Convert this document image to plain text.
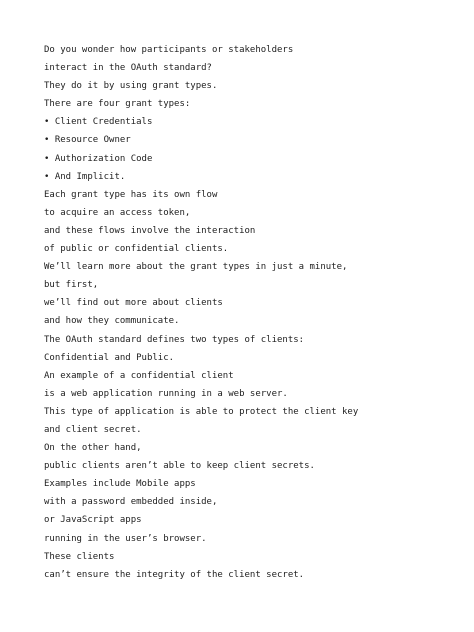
Do you wonder how participants or stakeholders
interact in the OAuth standard?
They do it by using grant types.
There are four grant types:
• Client Credentials
• Resource Owner
• Authorization Code
• And Implicit.
Each grant type has its own flow
to acquire an access token,
and these flows involve the interaction
of public or confidential clients.
We’ll learn more about the grant types in just a minute,
but first,
we’ll find out more about clients
and how they communicate.
The OAuth standard defines two types of clients:
Confidential and Public.
An example of a confidential client
is a web application running in a web server.
This type of application is able to protect the client key
and client secret.
On the other hand,
public clients aren’t able to keep client secrets.
Examples include Mobile apps
with a password embedded inside,
or JavaScript apps
running in the user’s browser.
These clients
can’t ensure the integrity of the client secret.
